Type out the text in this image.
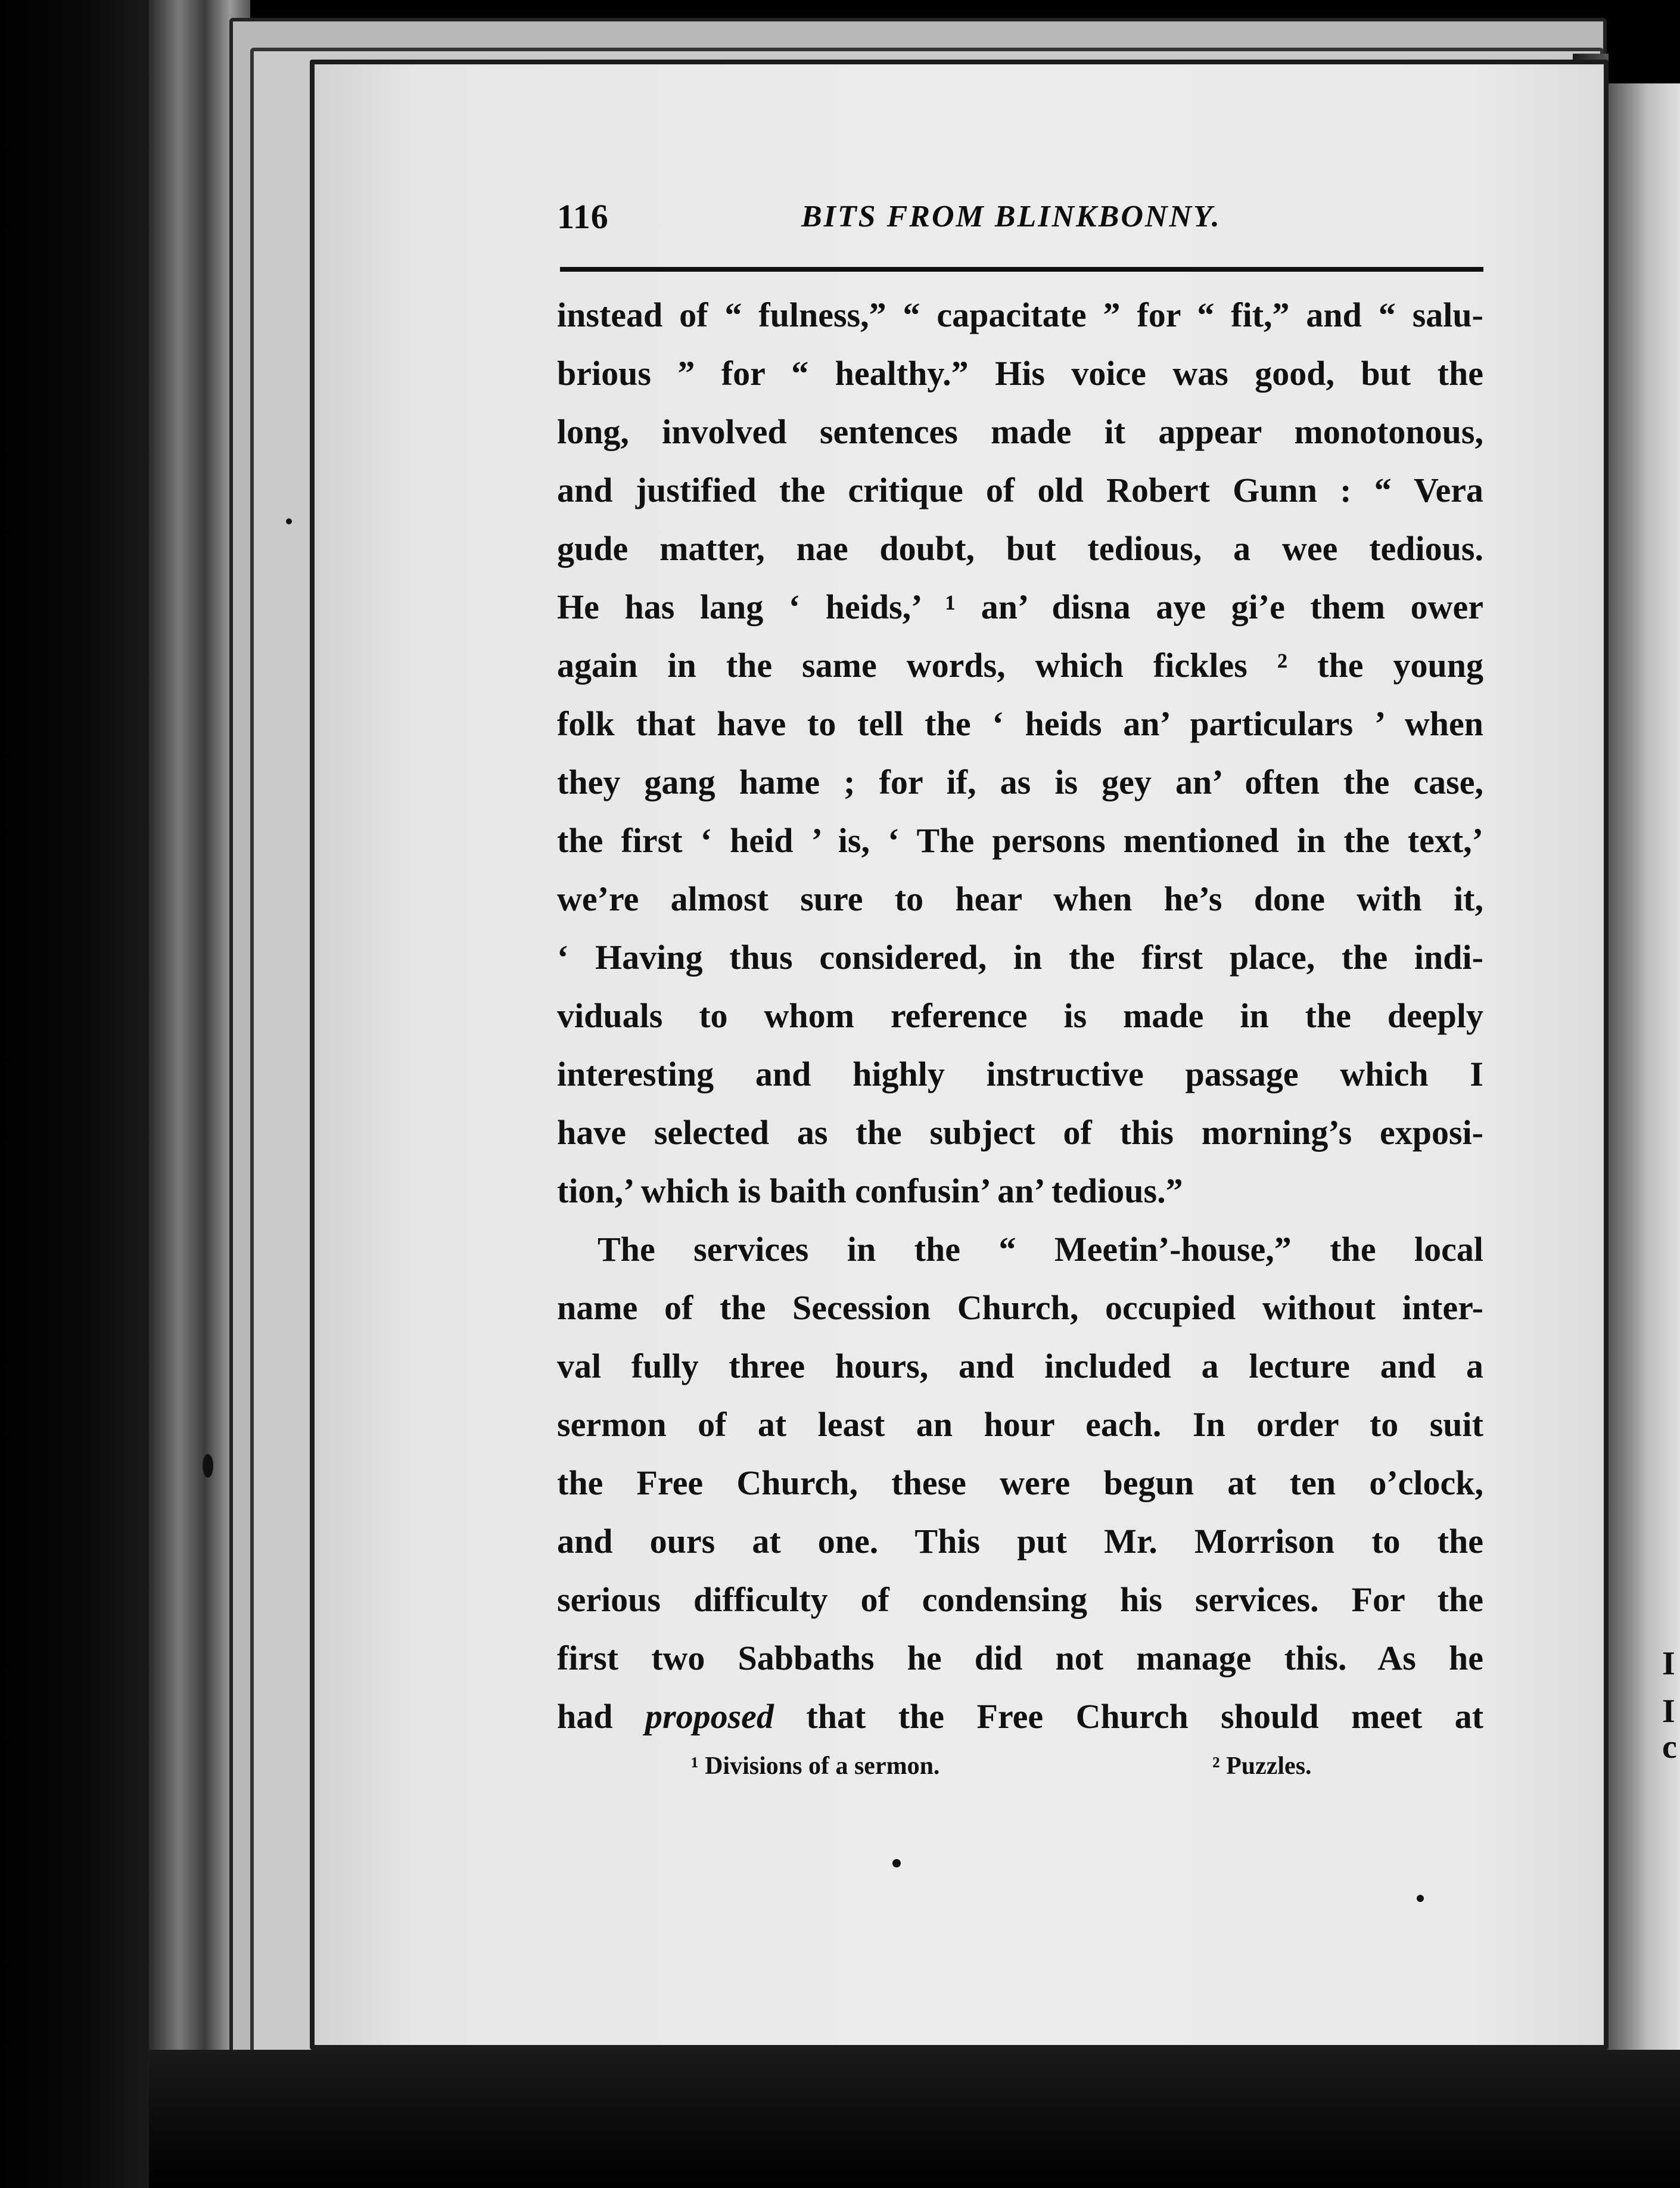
116	BITS FROM BLINKBONNY.
instead of “ fulness,” “ capacitate ” for “ fit,” and “ salu-
brious ” for “ healthy.” His voice was good, but the
long, involved sentences made it appear monotonous,
and justified the critique of old Robert Gunn : “ Vera
gude matter, nae doubt, but tedious, a wee tedious.
He has lang ‘ heids,’ ¹ an’ disna aye gi’e them ower
again in the same words, which fickles ² the young
folk that have to tell the ‘ heids an’ particulars ’ when
they gang hame ; for if, as is gey an’ often the case,
the first ‘ heid ’ is, ‘ The persons mentioned in the text,’
we’re almost sure to hear when he’s done with it,
‘ Having thus considered, in the first place, the indi-
viduals to whom reference is made in the deeply
interesting and highly instructive passage which I
have selected as the subject of this morning’s exposi-
tion,’ which is baith confusin’ an’ tedious.”
The services in the “ Meetin’-house,” the local
name of the Secession Church, occupied without inter-
val fully three hours, and included a lecture and a
sermon of at least an hour each. In order to suit
the Free Church, these were begun at ten o’clock,
and ours at one. This put Mr. Morrison to the
serious difficulty of condensing his services. For the
first two Sabbaths he did not manage this. As he
had proposed that the Free Church should meet at
¹ Divisions of a sermon.	² Puzzles.
I
I
c
